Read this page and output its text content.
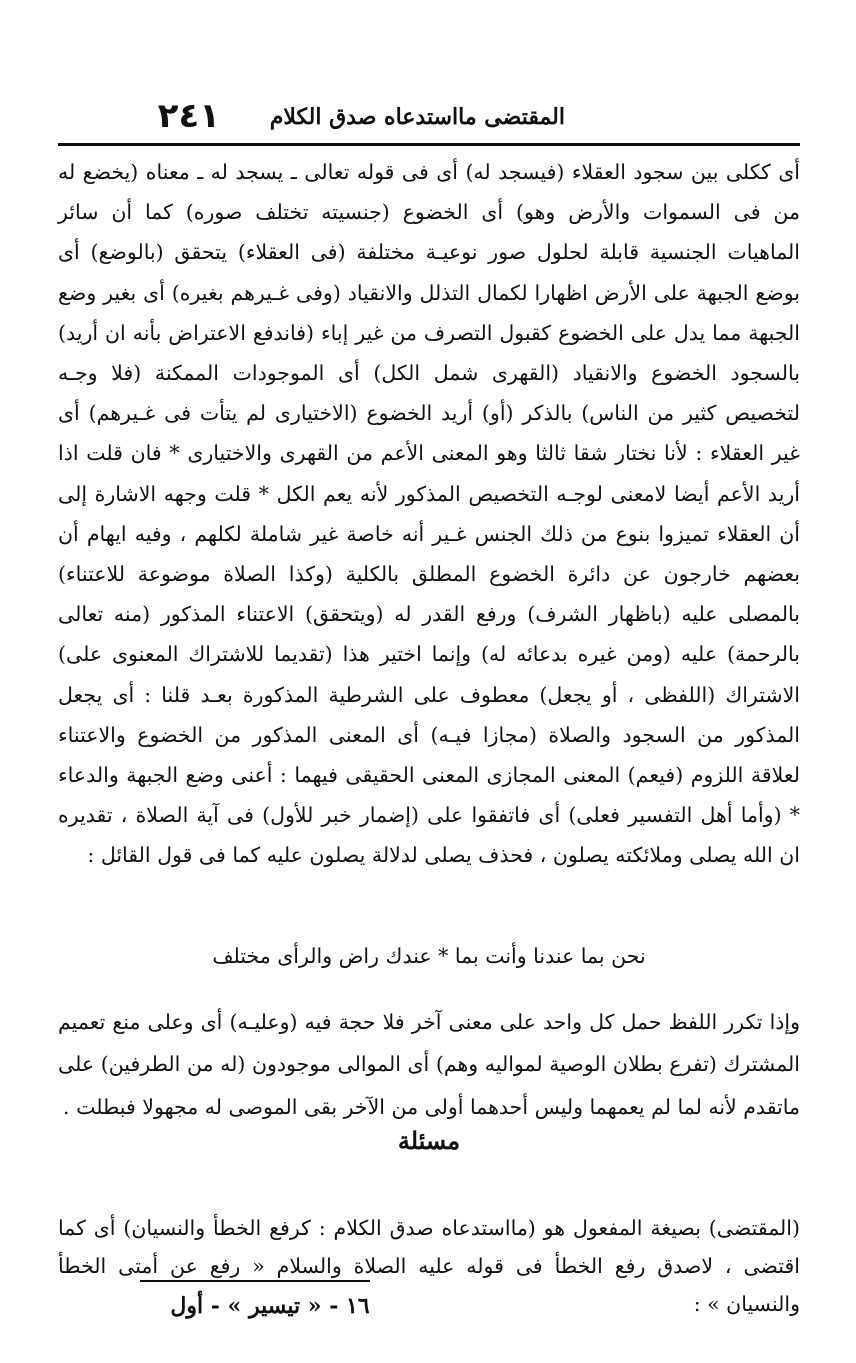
٢٤١ المقتضى مااستدعاه صدق الكلام

أى ككلى بين سجود العقلاء (فيسجد له) أى فى قوله تعالى ـ يسجد له ـ معناه (يخضع له من فى السموات والأرض وهو) أى الخضوع (جنسيته تختلف صوره) كما أن سائر الماهيات الجنسية قابلة لحلول صور نوعيـة مختلفة (فى العقلاء) يتحقق (بالوضع) أى بوضع الجبهة على الأرض اظهارا لكمال التذلل والانقياد (وفى غـيرهم بغيره) أى بغير وضع الجبهة مما يدل على الخضوع كقبول التصرف من غير إباء (فاندفع الاعتراض بأنه ان أريد) بالسجود الخضوع والانقياد (القهرى شمل الكل) أى الموجودات الممكنة (فلا وجـه لتخصيص كثير من الناس) بالذكر (أو) أريد الخضوع (الاختيارى لم يتأت فى غـيرهم) أى غير العقلاء : لأنا نختار شقا ثالثا وهو المعنى الأعم من القهرى والاختيارى * فان قلت اذا أريد الأعم أيضا لامعنى لوجـه التخصيص المذكور لأنه يعم الكل * قلت وجهه الاشارة إلى أن العقلاء تميزوا بنوع من ذلك الجنس غـير أنه خاصة غير شاملة لكلهم ، وفيه ايهام أن بعضهم خارجون عن دائرة الخضوع المطلق بالكلية (وكذا الصلاة موضوعة للاعتناء) بالمصلى عليه (باظهار الشرف) ورفع القدر له (ويتحقق) الاعتناء المذكور (منه تعالى بالرحمة) عليه (ومن غيره بدعائه له) وإنما اختير هذا (تقديما للاشتراك المعنوى على) الاشتراك (اللفظى ، أو يجعل) معطوف على الشرطية المذكورة بعـد قلنا : أى يجعل المذكور من السجود والصلاة (مجازا فيـه) أى المعنى المذكور من الخضوع والاعتناء لعلاقة اللزوم (فيعم) المعنى المجازى المعنى الحقيقى فيهما : أعنى وضع الجبهة والدعاء * (وأما أهل التفسير فعلى) أى فاتفقوا على (إضمار خبر للأول) فى آية الصلاة ، تقديره ان الله يصلى وملائكته يصلون ، فحذف يصلى لدلالة يصلون عليه كما فى قول القائل :

نحن بما عندنا وأنت بما * عندك راض والرأى مختلف

وإذا تكرر اللفظ حمل كل واحد على معنى آخر فلا حجة فيه (وعليـه) أى وعلى منع تعميم المشترك (تفرع بطلان الوصية لمواليه وهم) أى الموالى موجودون (له من الطرفين) على ماتقدم لأنه لما لم يعمهما وليس أحدهما أولى من الآخر بقى الموصى له مجهولا فبطلت .

مسئلة

(المقتضى) بصيغة المفعول هو (مااستدعاه صدق الكلام : كرفع الخطأ والنسيان) أى كما اقتضى ، لاصدق رفع الخطأ فى قوله عليه الصلاة والسلام « رفع عن أمتى الخطأ والنسيان » :

١٦ - « تيسير » - أول
